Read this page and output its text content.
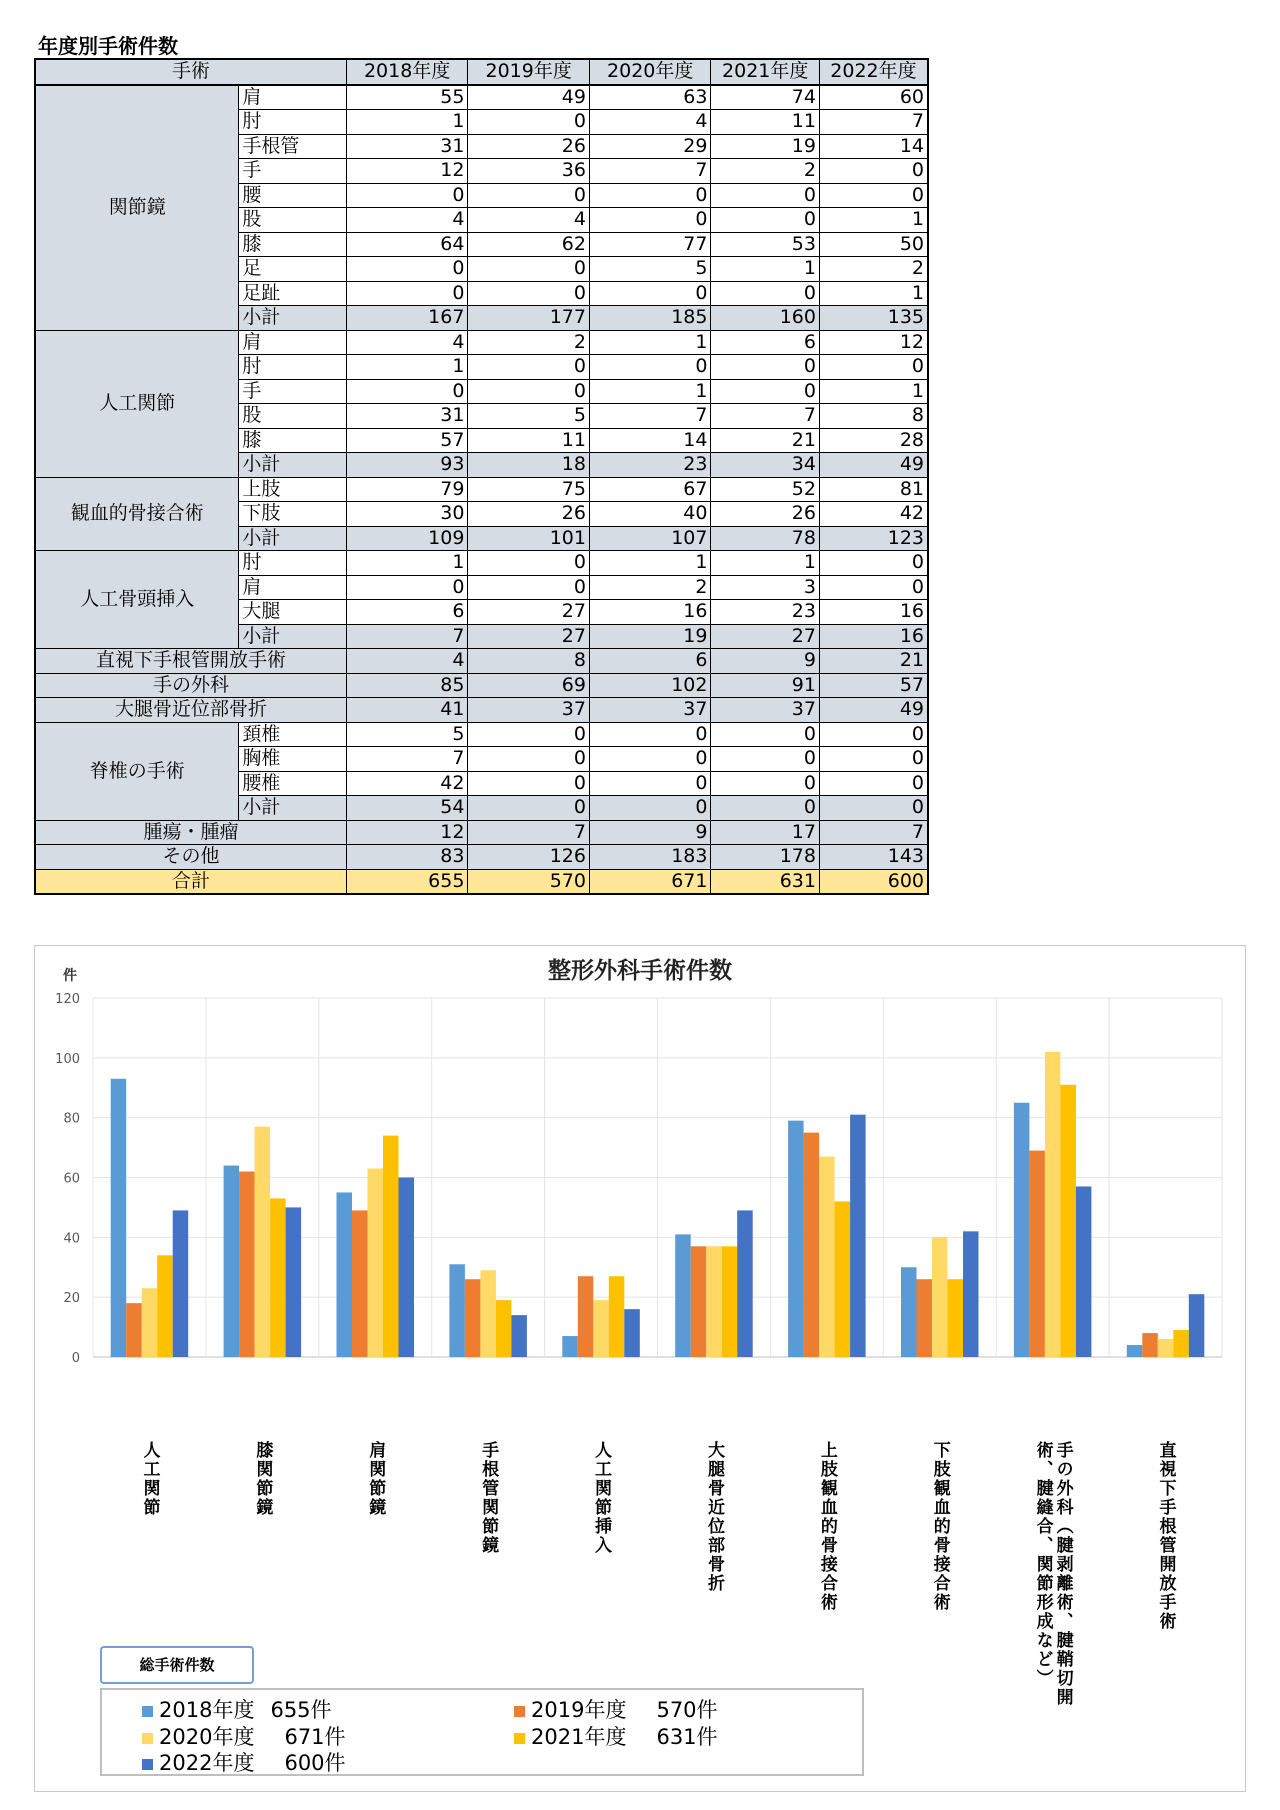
年度別手術件数
手術		2018年度	2019年度	2020年度	2021年度	2022年度
関節鏡	肩	55	49	63	74	60
	肘	1	0	4	11	7
	手根管	31	26	29	19	14
	手	12	36	7	2	0
	腰	0	0	0	0	0
	股	4	4	0	0	1
	膝	64	62	77	53	50
	足	0	0	5	1	2
	足趾	0	0	0	0	1
	小計	167	177	185	160	135
人工関節	肩	4	2	1	6	12
	肘	1	0	0	0	0
	手	0	0	1	0	1
	股	31	5	7	7	8
	膝	57	11	14	21	28
	小計	93	18	23	34	49
観血的骨接合術	上肢	79	75	67	52	81
	下肢	30	26	40	26	42
	小計	109	101	107	78	123
人工骨頭挿入	肘	1	0	1	1	0
	肩	0	0	2	3	0
	大腿	6	27	16	23	16
	小計	7	27	19	27	16
直視下手根管開放手術		4	8	6	9	21
手の外科		85	69	102	91	57
大腿骨近位部骨折		41	37	37	37	49
脊椎の手術	頚椎	5	0	0	0	0
	胸椎	7	0	0	0	0
	腰椎	42	0	0	0	0
	小計	54	0	0	0	0
腫瘍・腫瘤		12	7	9	17	7
その他		83	126	183	178	143
合計		655	570	671	631	600
整形外科手術件数
件
0
20
40
60
80
100
120
人工関節	膝関節鏡	肩関節鏡	手根管関節鏡	人工関節挿入	大腿骨近位部骨折	上肢観血的骨接合術	下肢観血的骨接合術	手の外科（腱剥離術、腱鞘切開術、腱縫合、関節形成など）	直視下手根管開放手術
総手術件数
2018年度 655件	2019年度 570件
2020年度 671件	2021年度 631件
2022年度 600件
